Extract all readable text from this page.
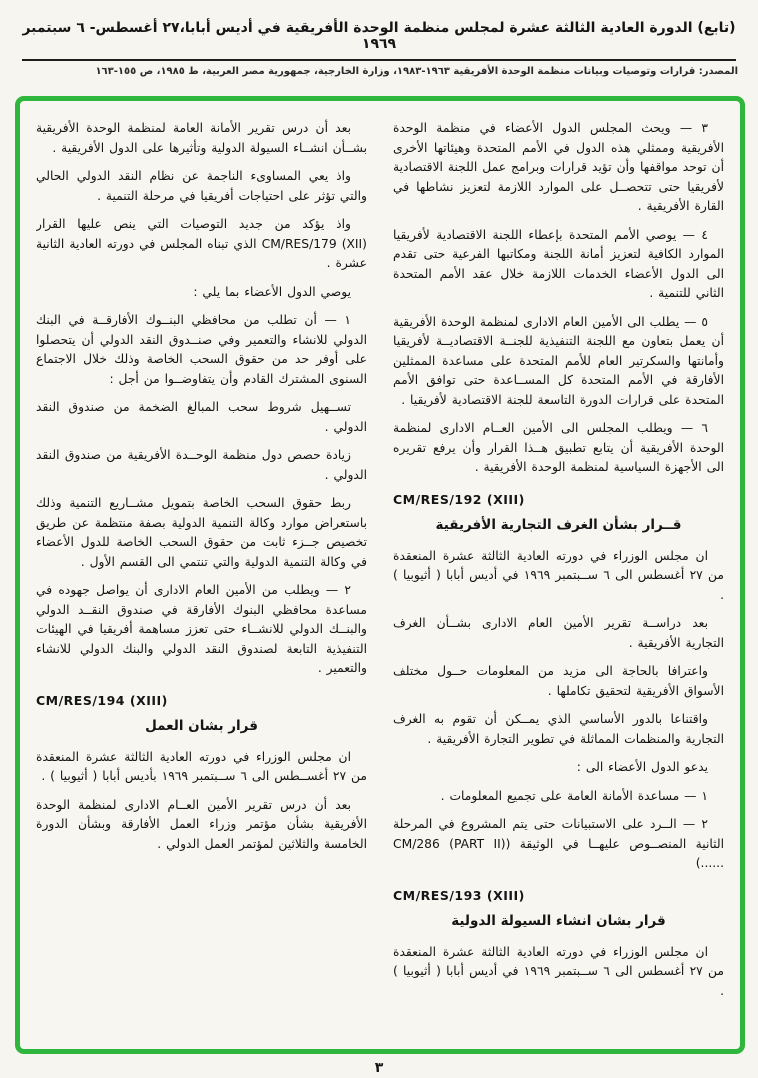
(تابع) الدورة العادية الثالثة عشرة لمجلس منظمة الوحدة الأفريقية في أديس أبابا،٢٧ أغسطس- ٦ سبتمبر ١٩٦٩
المصدر: قرارات وتوصيات وبيانات منظمة الوحدة الأفريقية ١٩٦٣-١٩٨٣، وزارة الخارجية، جمهورية مصر العربية، ط ١٩٨٥، ص ١٥٥-١٦٣

٣ — ويحث المجلس الدول الأعضاء في منظمة الوحدة الأفريقية وممثلي هذه الدول في الأمم المتحدة وهيئاتها الأخرى أن توحد مواقفها وأن تؤيد قرارات وبرامج عمل اللجنة الاقتصادية لأفريقيا حتى تتحصــل على الموارد اللازمة لتعزيز نشاطها في القارة الأفريقية .

٤ — يوصي الأمم المتحدة بإعطاء اللجنة الاقتصادية لأفريقيا الموارد الكافية لتعزيز أمانة اللجنة ومكاتبها الفرعية حتى تقدم الى الدول الأعضاء الخدمات اللازمة خلال عقد الأمم المتحدة الثاني للتنمية .

٥ — يطلب الى الأمين العام الادارى لمنظمة الوحدة الأفريقية أن يعمل بتعاون مع اللجنة التنفيذية للجنــة الاقتصاديــة لأفريقيا وأمانتها والسكرتير العام للأمم المتحدة على مساعدة الممثلين الأفارقة في الأمم المتحدة كل المســاعدة حتى توافق الأمم المتحدة على قرارات الدورة التاسعة للجنة الاقتصادية لأفريقيا .

٦ — ويطلب المجلس الى الأمين العــام الادارى لمنظمة الوحدة الأفريقية أن يتابع تطبيق هــذا القرار وأن يرفع تقريره الى الأجهزة السياسية لمنظمة الوحدة الأفريقية .

CM/RES/192 (XIII)

قــرار بشأن الغرف التجارية الأفريقية

ان مجلس الوزراء في دورته العادية الثالثة عشرة المنعقدة من ٢٧ أغسطس الى ٦ ســبتمبر ١٩٦٩ في أديس أبابا ( أثيوبيا ) .

بعد دراســة تقرير الأمين العام الادارى بشــأن الغرف التجارية الأفريقية .

واعترافا بالحاجة الى مزيد من المعلومات حــول مختلف الأسواق الأفريقية لتحقيق تكاملها .

واقتناعا بالدور الأساسي الذي يمــكن أن تقوم به الغرف التجارية والمنظمات المماثلة في تطوير التجارة الأفريقية .

يدعو الدول الأعضاء الى :

١ — مساعدة الأمانة العامة على تجميع المعلومات .

٢ — الــرد على الاستبيانات حتى يتم المشروع في المرحلة الثانية المنصــوص عليهــا في الوثيقة (CM/286 (PART II) ......)

CM/RES/193 (XIII)

قرار بشان انشاء السيولة الدولية

ان مجلس الوزراء في دورته العادية الثالثة عشرة المنعقدة من ٢٧ أغسطس الى ٦ ســبتمبر ١٩٦٩ في أديس أبابا ( أثيوبيا ) .

بعد أن درس تقرير الأمانة العامة لمنظمة الوحدة الأفريقية بشــأن انشــاء السيولة الدولية وتأثيرها على الدول الأفريقية .

واذ يعي المساوىء الناجمة عن نظام النقد الدولي الحالي والتي تؤثر على احتياجات أفريقيا في مرحلة التنمية .

واذ يؤكد من جديد التوصيات التي ينص عليها القرار CM/RES/179 (XII) الذي تبناه المجلس في دورته العادية الثانية عشرة .

يوصي الدول الأعضاء بما يلي :

١ — أن تطلب من محافظي البنــوك الأفارقــة في البنك الدولي للانشاء والتعمير وفي صنــدوق النقد الدولي أن يتحصلوا على أوفر حد من حقوق السحب الخاصة وذلك خلال الاجتماع السنوى المشترك القادم وأن يتفاوضــوا من أجل :

تســهيل شروط سحب المبالغ الضخمة من صندوق النقد الدولي .

زيادة حصص دول منظمة الوحــدة الأفريقية من صندوق النقد الدولي .

ربط حقوق السحب الخاصة بتمويل مشــاريع التنمية وذلك باستعراض موارد وكالة التنمية الدولية بصفة منتظمة عن طريق تخصيص جــزء ثابت من حقوق السحب الخاصة للدول الأعضاء في وكالة التنمية الدولية والتي تنتمي الى القسم الأول .

٢ — ويطلب من الأمين العام الادارى أن يواصل جهوده في مساعدة محافظي البنوك الأفارقة في صندوق النقــد الدولي والبنــك الدولي للانشــاء حتى تعزز مساهمة أفريقيا في الهيئات التنفيذية التابعة لصندوق النقد الدولي والبنك الدولي للانشاء والتعمير .

CM/RES/194 (XIII)

قرار بشان العمل

ان مجلس الوزراء في دورته العادية الثالثة عشرة المنعقدة من ٢٧ أغســطس الى ٦ ســبتمبر ١٩٦٩ بأديس أبابا ( أثيوبيا ) .

بعد أن درس تقرير الأمين العــام الادارى لمنظمة الوحدة الأفريقية بشأن مؤتمر وزراء العمل الأفارقة وبشأن الدورة الخامسة والثلاثين لمؤتمر العمل الدولي .

٣
